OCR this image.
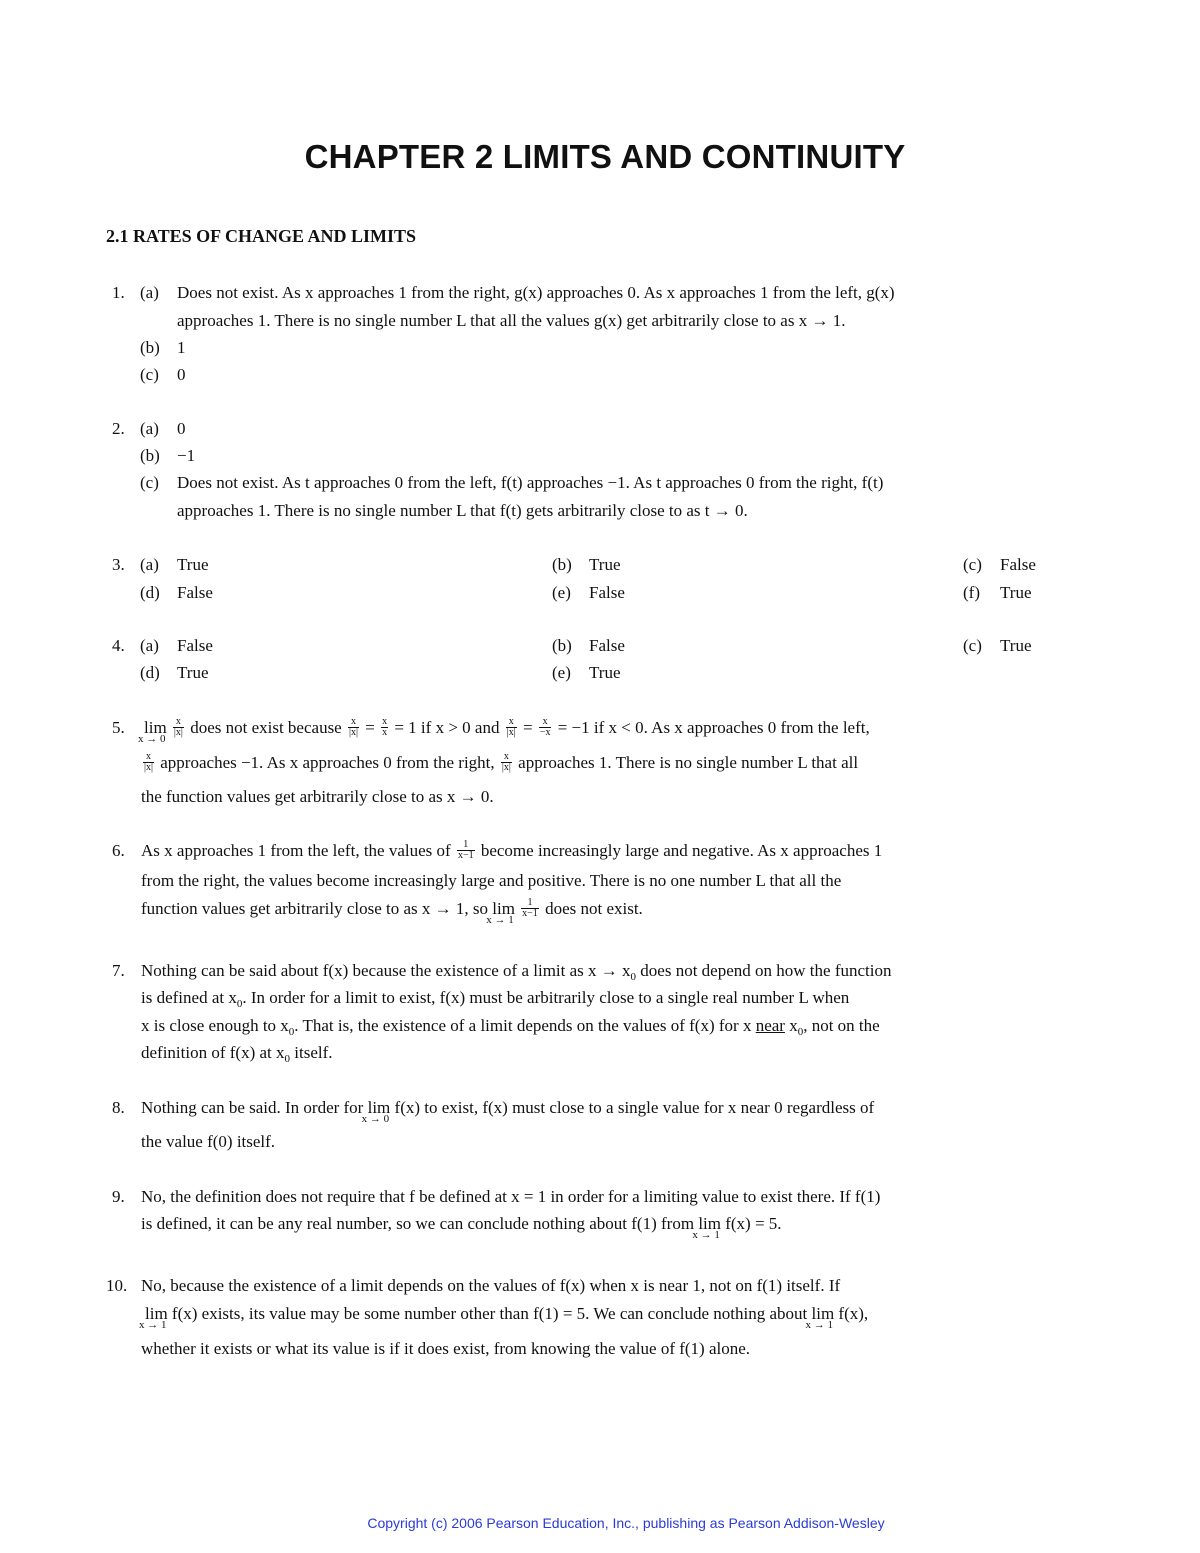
CHAPTER 2 LIMITS AND CONTINUITY
2.1 RATES OF CHANGE AND LIMITS
1. (a) Does not exist. As x approaches 1 from the right, g(x) approaches 0. As x approaches 1 from the left, g(x)
approaches 1. There is no single number L that all the values g(x) get arbitrarily close to as x → 1.
(b) 1
(c) 0
2. (a) 0
(b) −1
(c) Does not exist. As t approaches 0 from the left, f(t) approaches −1. As t approaches 0 from the right, f(t)
approaches 1. There is no single number L that f(t) gets arbitrarily close to as t → 0.
3. (a) True	(b) True	(c) False
(d) False	(e) False	(f) True
4. (a) False	(b) False	(c) True
(d) True	(e) True
5. lim
x → 0

$\frac{x}{|x|}$ does not exist because $\frac{x}{|x|} = \frac{x}{x} = 1$ if x > 0 and $\frac{x}{|x|} = \frac{x}{-x} = -1$ if x < 0. As x approaches 0 from the left,
$\frac{x}{|x|}$ approaches −1. As x approaches 0 from the right, $\frac{x}{|x|}$ approaches 1. There is no single number L that all
the function values get arbitrarily close to as x → 0.
6. As x approaches 1 from the left, the values of $\frac{1}{x-1}$ become increasingly large and negative. As x approaches 1
from the right, the values become increasingly large and positive. There is no one number L that all the
function values get arbitrarily close to as x → 1, so lim
x → 1

$\frac{1}{x-1}$ does not exist.
7. Nothing can be said about f(x) because the existence of a limit as $x \to x_0$ does not depend on how the function
is defined at $x_0$. In order for a limit to exist, f(x) must be arbitrarily close to a single real number L when
x is close enough to $x_0$. That is, the existence of a limit depends on the values of f(x) for x near $x_0$, not on the
definition of f(x) at $x_0$ itself.
8. Nothing can be said. In order for lim
x → 0
f(x) to exist, f(x) must close to a single value for x near 0 regardless of
the value f(0) itself.
9. No, the definition does not require that f be defined at x = 1 in order for a limiting value to exist there. If f(1)
is defined, it can be any real number, so we can conclude nothing about f(1) from lim
x → 1
f(x) = 5.
10. No, because the existence of a limit depends on the values of f(x) when x is near 1, not on f(1) itself. If
lim
x → 1
f(x) exists, its value may be some number other than f(1) = 5. We can conclude nothing about lim
x → 1
f(x),
whether it exists or what its value is if it does exist, from knowing the value of f(1) alone.
Copyright (c) 2006 Pearson Education, Inc., publishing as Pearson Addison-Wesley
